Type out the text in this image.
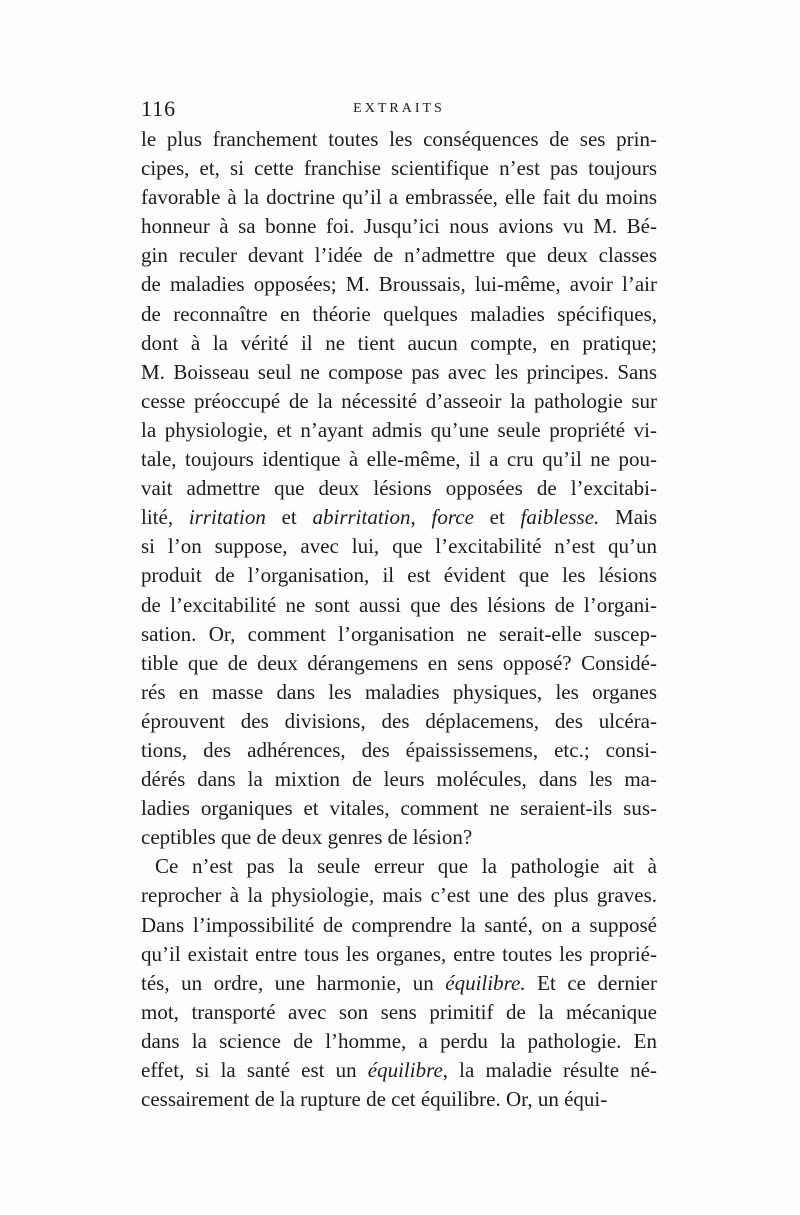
116	EXTRAITS
le plus franchement toutes les conséquences de ses prin-
cipes, et, si cette franchise scientifique n’est pas toujours
favorable à la doctrine qu’il a embrassée, elle fait du moins
honneur à sa bonne foi. Jusqu’ici nous avions vu M. Bé-
gin reculer devant l’idée de n’admettre que deux classes
de maladies opposées; M. Broussais, lui-même, avoir l’air
de reconnaître en théorie quelques maladies spécifiques,
dont à la vérité il ne tient aucun compte, en pratique;
M. Boisseau seul ne compose pas avec les principes. Sans
cesse préoccupé de la nécessité d’asseoir la pathologie sur
la physiologie, et n’ayant admis qu’une seule propriété vi-
tale, toujours identique à elle-même, il a cru qu’il ne pou-
vait admettre que deux lésions opposées de l’excitabi-
lité, irritation et abirritation, force et faiblesse. Mais
si l’on suppose, avec lui, que l’excitabilité n’est qu’un
produit de l’organisation, il est évident que les lésions
de l’excitabilité ne sont aussi que des lésions de l’organi-
sation. Or, comment l’organisation ne serait-elle suscep-
tible que de deux dérangemens en sens opposé? Considé-
rés en masse dans les maladies physiques, les organes
éprouvent des divisions, des déplacemens, des ulcéra-
tions, des adhérences, des épaississemens, etc.; consi-
dérés dans la mixtion de leurs molécules, dans les ma-
ladies organiques et vitales, comment ne seraient-ils sus-
ceptibles que de deux genres de lésion?
Ce n’est pas la seule erreur que la pathologie ait à
reprocher à la physiologie, mais c’est une des plus graves.
Dans l’impossibilité de comprendre la santé, on a supposé
qu’il existait entre tous les organes, entre toutes les proprié-
tés, un ordre, une harmonie, un équilibre. Et ce dernier
mot, transporté avec son sens primitif de la mécanique
dans la science de l’homme, a perdu la pathologie. En
effet, si la santé est un équilibre, la maladie résulte né-
cessairement de la rupture de cet équilibre. Or, un équi-
